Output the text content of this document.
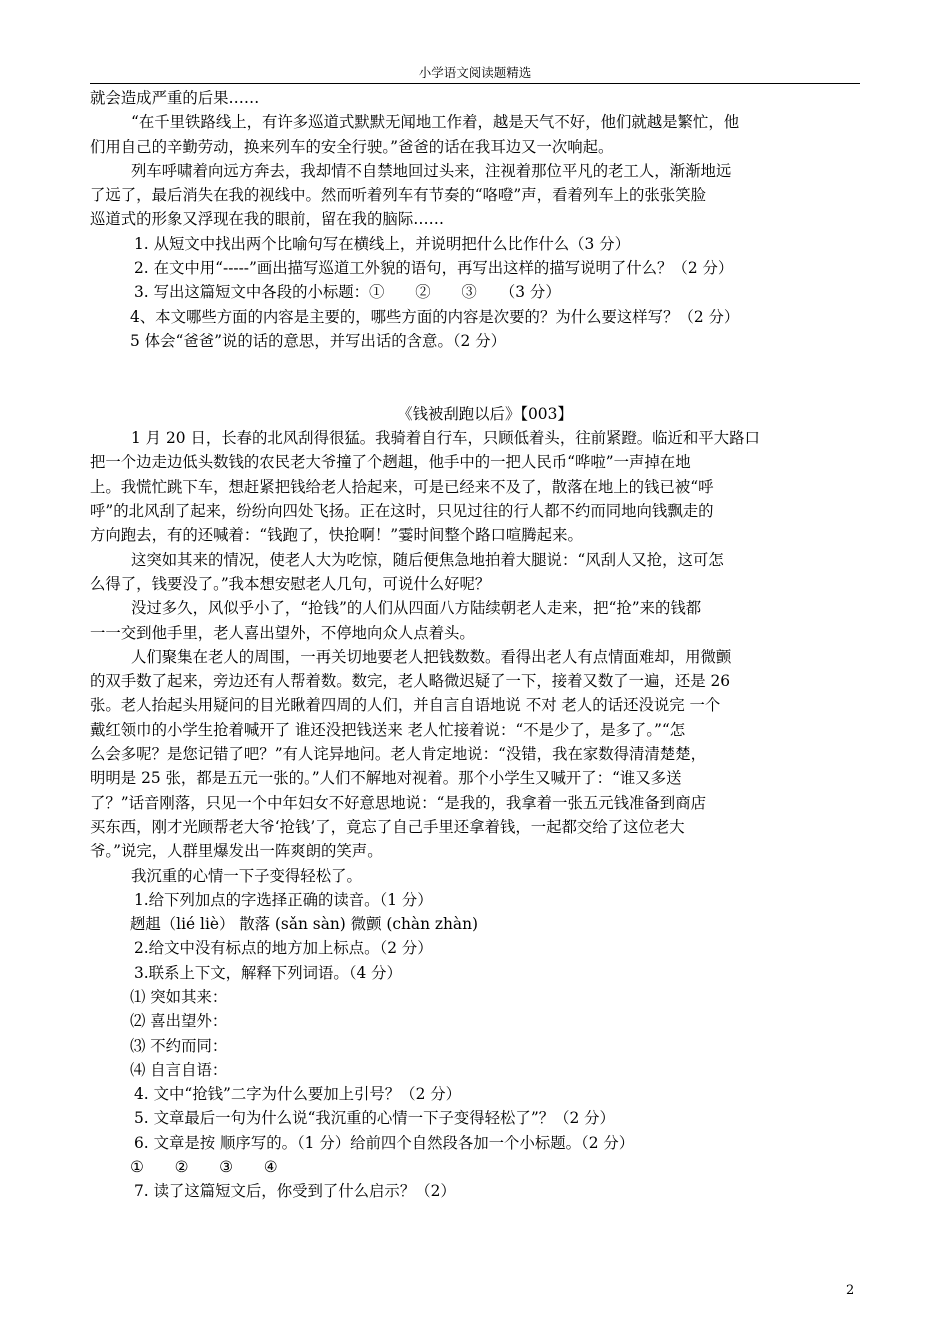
小学语文阅读题精选
就会造成严重的后果……
“在千里铁路线上，有许多巡道式默默无闻地工作着，越是天气不好，他们就越是繁忙，他
们用自己的辛勤劳动，换来列车的安全行驶。”爸爸的话在我耳边又一次响起。
列车呼啸着向远方奔去，我却情不自禁地回过头来，注视着那位平凡的老工人，渐渐地远
了远了，最后消失在我的视线中。然而听着列车有节奏的“咯噔”声，看着列车上的张张笑脸
巡道式的形象又浮现在我的眼前，留在我的脑际……
1. 从短文中找出两个比喻句写在横线上，并说明把什么比作什么（3 分）
2. 在文中用“-----”画出描写巡道工外貌的语句，再写出这样的描写说明了什么？（2 分）
3. 写出这篇短文中各段的小标题：①　　②　　③　　（3 分）
4、本文哪些方面的内容是主要的，哪些方面的内容是次要的？为什么要这样写？（2 分）
5 体会“爸爸”说的话的意思，并写出话的含意。（2 分）
《钱被刮跑以后》【003】
1 月 20 日，长春的北风刮得很猛。我骑着自行车，只顾低着头，往前紧蹬。临近和平大路口
把一个边走边低头数钱的农民老大爷撞了个趔趄，他手中的一把人民币“哗啦”一声掉在地
上。我慌忙跳下车，想赶紧把钱给老人拾起来，可是已经来不及了，散落在地上的钱已被“呼
呼”的北风刮了起来，纷纷向四处飞扬。正在这时，只见过往的行人都不约而同地向钱飘走的
方向跑去，有的还喊着：“钱跑了，快抢啊！”霎时间整个路口喧腾起来。
这突如其来的情况，使老人大为吃惊，随后便焦急地拍着大腿说：“风刮人又抢，这可怎
么得了，钱要没了。”我本想安慰老人几句，可说什么好呢？
没过多久，风似乎小了，“抢钱”的人们从四面八方陆续朝老人走来，把“抢”来的钱都
一一交到他手里，老人喜出望外，不停地向众人点着头。
人们聚集在老人的周围，一再关切地要老人把钱数数。看得出老人有点情面难却，用微颤
的双手数了起来，旁边还有人帮着数。数完，老人略微迟疑了一下，接着又数了一遍，还是 26
张。老人抬起头用疑问的目光瞅着四周的人们，并自言自语地说 不对 老人的话还没说完 一个
戴红领巾的小学生抢着喊开了 谁还没把钱送来 老人忙接着说：“不是少了，是多了。”“怎
么会多呢？是您记错了吧？”有人诧异地问。老人肯定地说：“没错，我在家数得清清楚楚，
明明是 25 张，都是五元一张的。”人们不解地对视着。那个小学生又喊开了：“谁又多送
了？”话音刚落，只见一个中年妇女不好意思地说：“是我的，我拿着一张五元钱准备到商店
买东西，刚才光顾帮老大爷‘抢钱’了，竟忘了自己手里还拿着钱，一起都交给了这位老大
爷。”说完，人群里爆发出一阵爽朗的笑声。
我沉重的心情一下子变得轻松了。
1.给下列加点的字选择正确的读音。（1 分）
趔趄（lié liè） 散落 (sǎn sàn) 微颤 (chàn zhàn)
2.给文中没有标点的地方加上标点。（2 分）
3.联系上下文，解释下列词语。（4 分）
⑴ 突如其来：
⑵ 喜出望外：
⑶ 不约而同：
⑷ 自言自语：
4. 文中“抢钱”二字为什么要加上引号？（2 分）
5. 文章最后一句为什么说“我沉重的心情一下子变得轻松了”？（2 分）
6. 文章是按 顺序写的。（1 分）给前四个自然段各加一个小标题。（2 分）
①　　②　　③　　④
7. 读了这篇短文后，你受到了什么启示？（2）
2
